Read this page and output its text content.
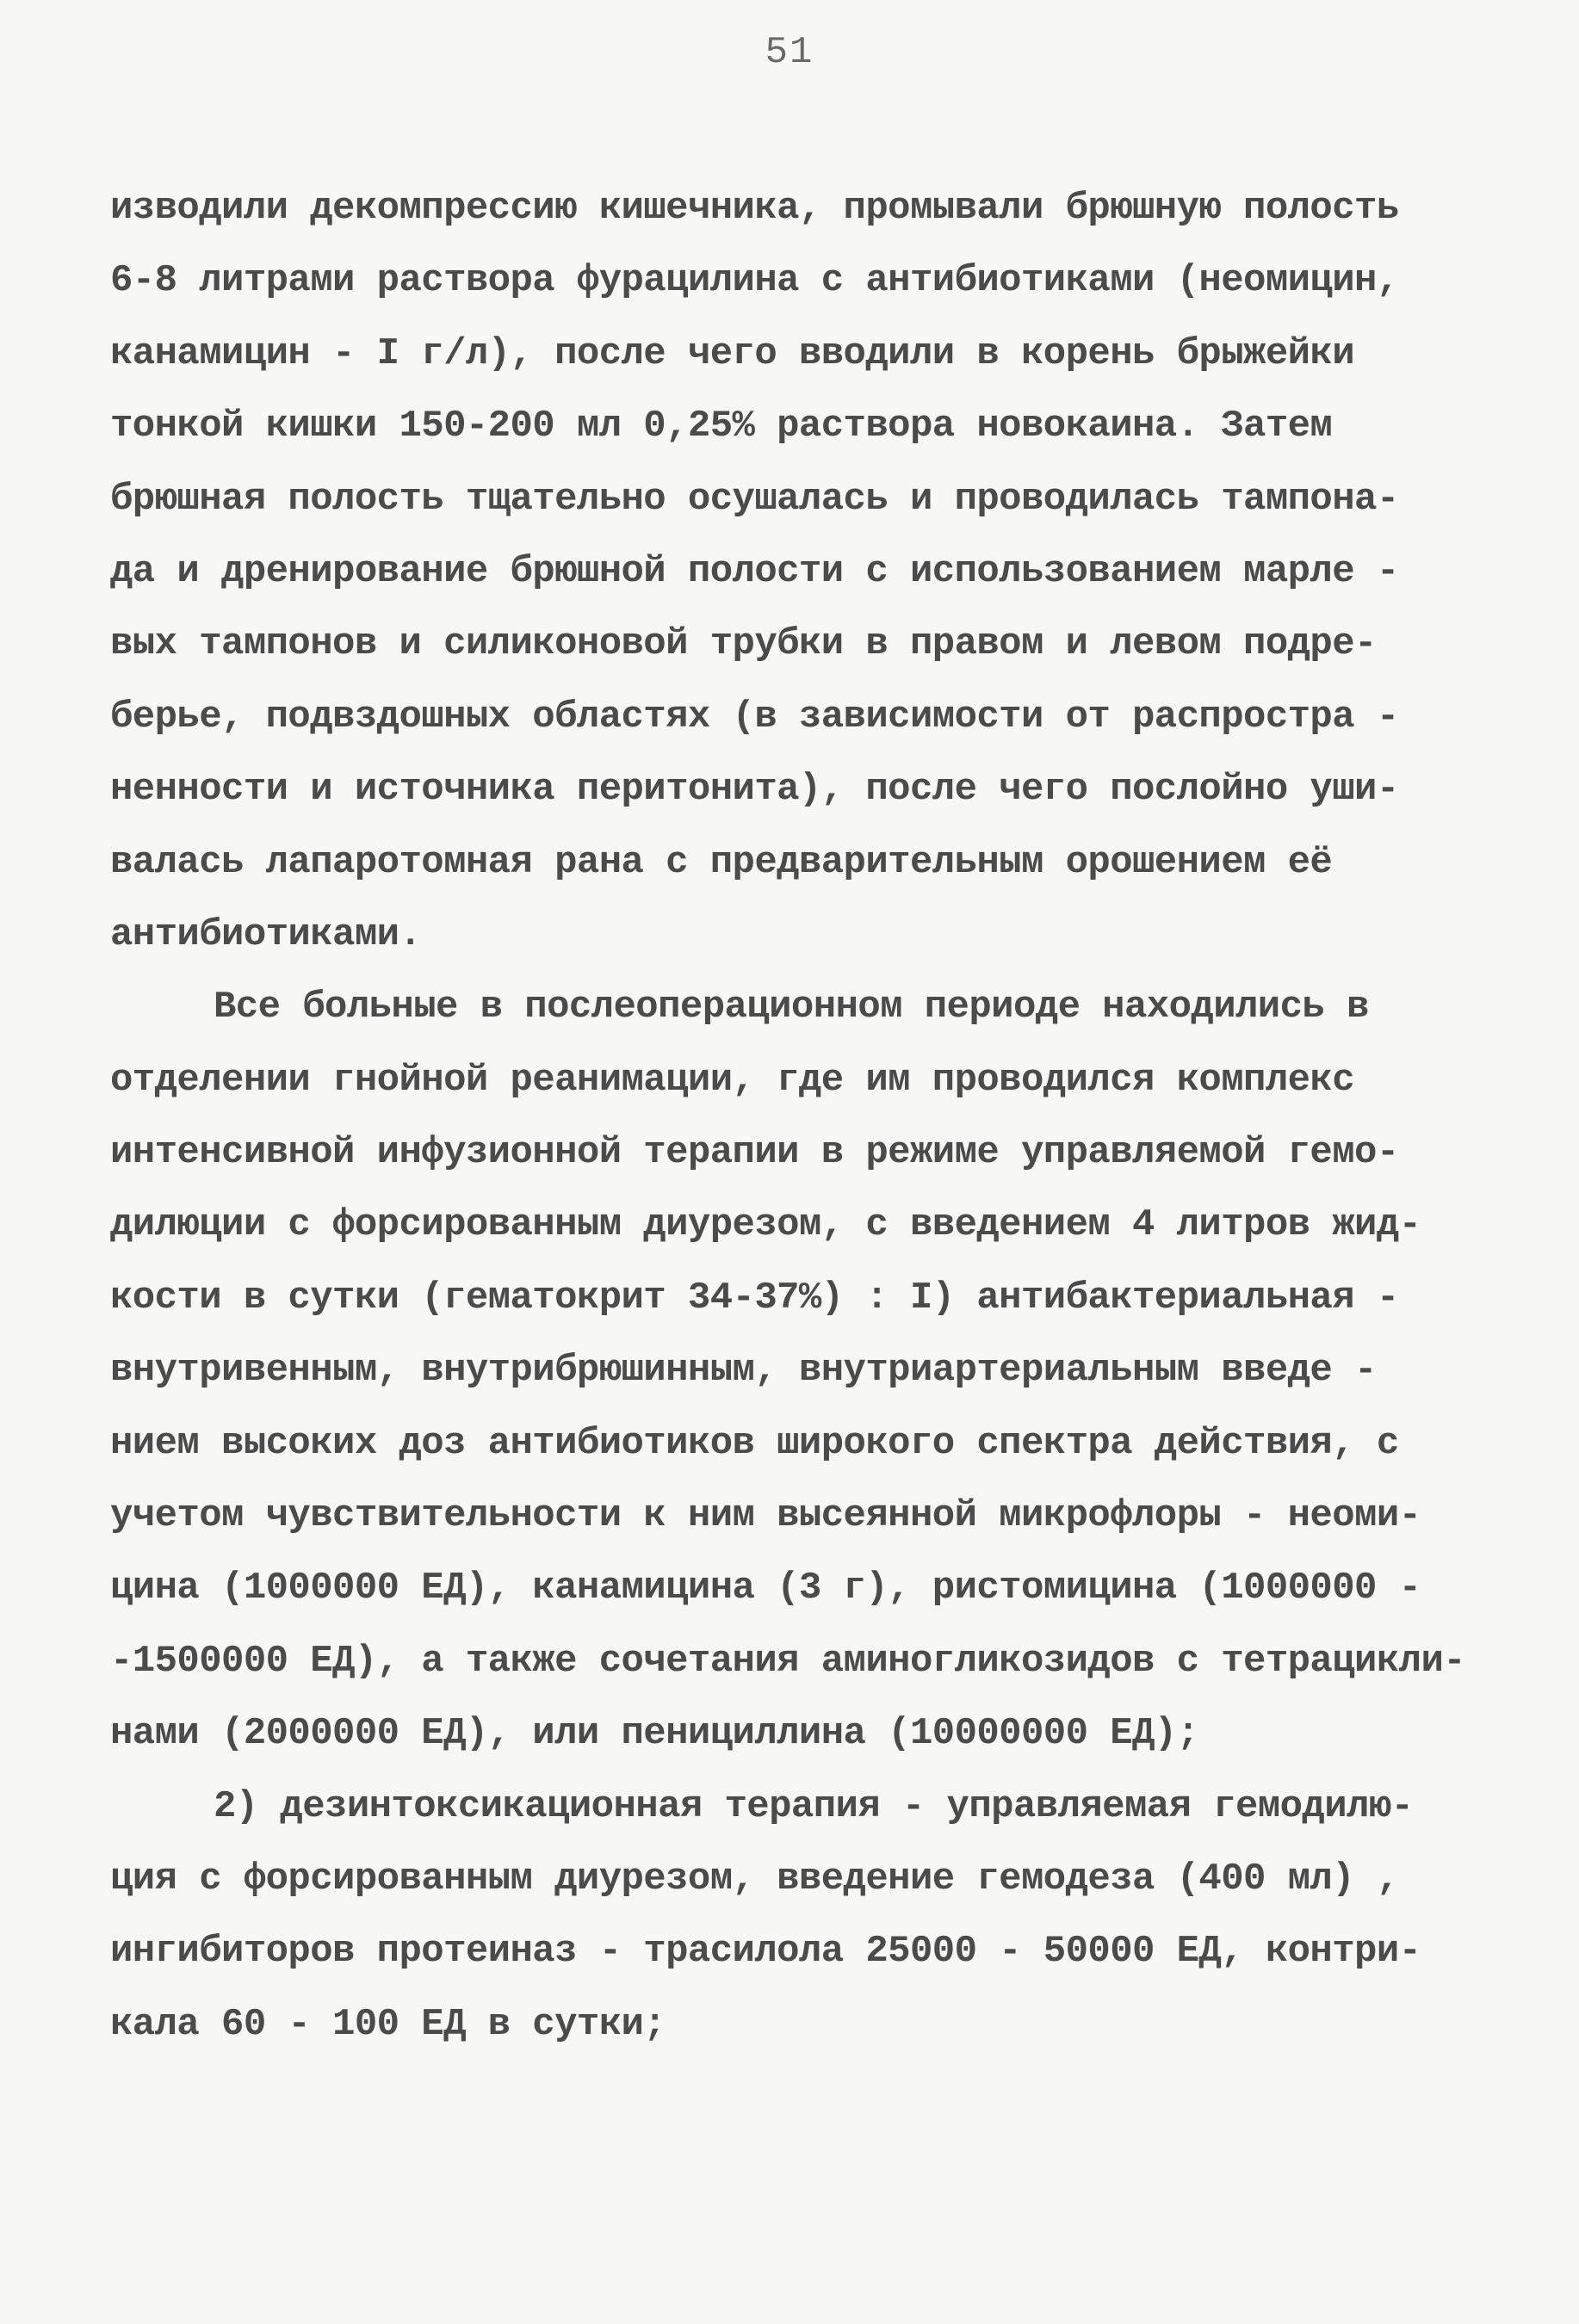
51
изводили декомпрессию кишечника, промывали брюшную полость
6-8 литрами раствора фурацилина с антибиотиками (неомицин,
канамицин - I г/л), после чего вводили в корень брыжейки
тонкой кишки 150-200 мл 0,25% раствора новокаина. Затем
брюшная полость тщательно осушалась и проводилась тампона-
да и дренирование брюшной полости с использованием марле -
вых тампонов и силиконовой трубки в правом и левом подре-
берье, подвздошных областях (в зависимости от распростра -
ненности и источника перитонита), после чего послойно уши-
валась лапаротомная рана с предварительным орошением её
антибиотиками.
Все больные в послеоперационном периоде находились в
отделении гнойной реанимации, где им проводился комплекс
интенсивной инфузионной терапии в режиме управляемой гемо-
дилюции с форсированным диурезом, с введением 4 литров жид-
кости в сутки (гематокрит 34-37%) : I) антибактериальная -
внутривенным, внутрибрюшинным, внутриартериальным введе -
нием высоких доз антибиотиков широкого спектра действия, с
учетом чувствительности к ним высеянной микрофлоры - неоми-
цина (1000000 ЕД), канамицина (3 г), ристомицина (1000000 -
-1500000 ЕД), а также сочетания аминогликозидов с тетрацикли-
нами (2000000 ЕД), или пенициллина (10000000 ЕД);
2) дезинтоксикационная терапия - управляемая гемодилю-
ция с форсированным диурезом, введение гемодеза (400 мл) ,
ингибиторов протеиназ - трасилола 25000 - 50000 ЕД, контри-
кала 60 - 100 ЕД в сутки;
